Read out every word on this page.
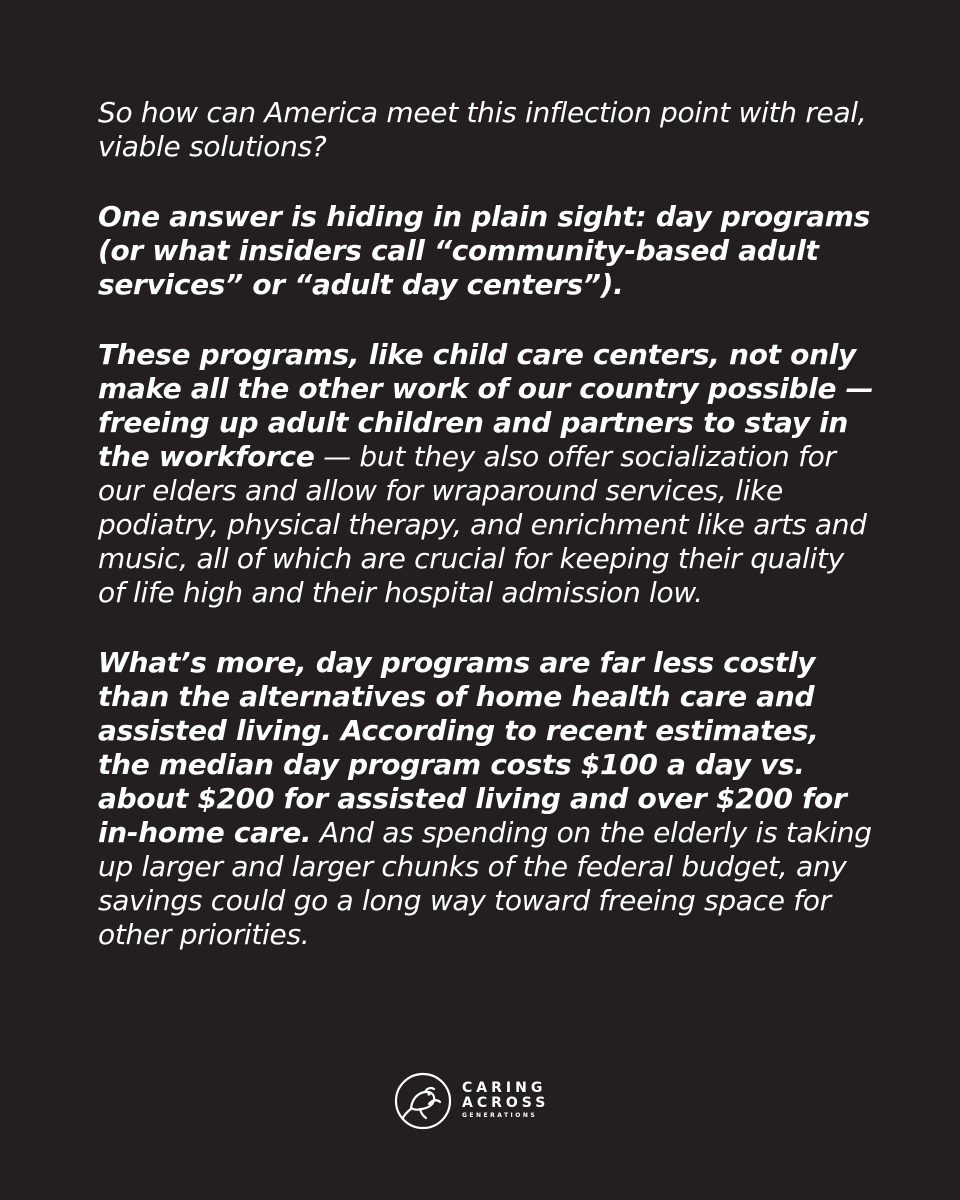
So how can America meet this inflection point with real, viable solutions?

One answer is hiding in plain sight: day programs (or what insiders call “community-based adult services” or “adult day centers”).

These programs, like child care centers, not only make all the other work of our country possible — freeing up adult children and partners to stay in the workforce — but they also offer socialization for our elders and allow for wraparound services, like podiatry, physical therapy, and enrichment like arts and music, all of which are crucial for keeping their quality of life high and their hospital admission low.

What’s more, day programs are far less costly than the alternatives of home health care and assisted living. According to recent estimates, the median day program costs $100 a day vs. about $200 for assisted living and over $200 for in-home care. And as spending on the elderly is taking up larger and larger chunks of the federal budget, any savings could go a long way toward freeing space for other priorities.

CARING
ACROSS
GENERATIONS
